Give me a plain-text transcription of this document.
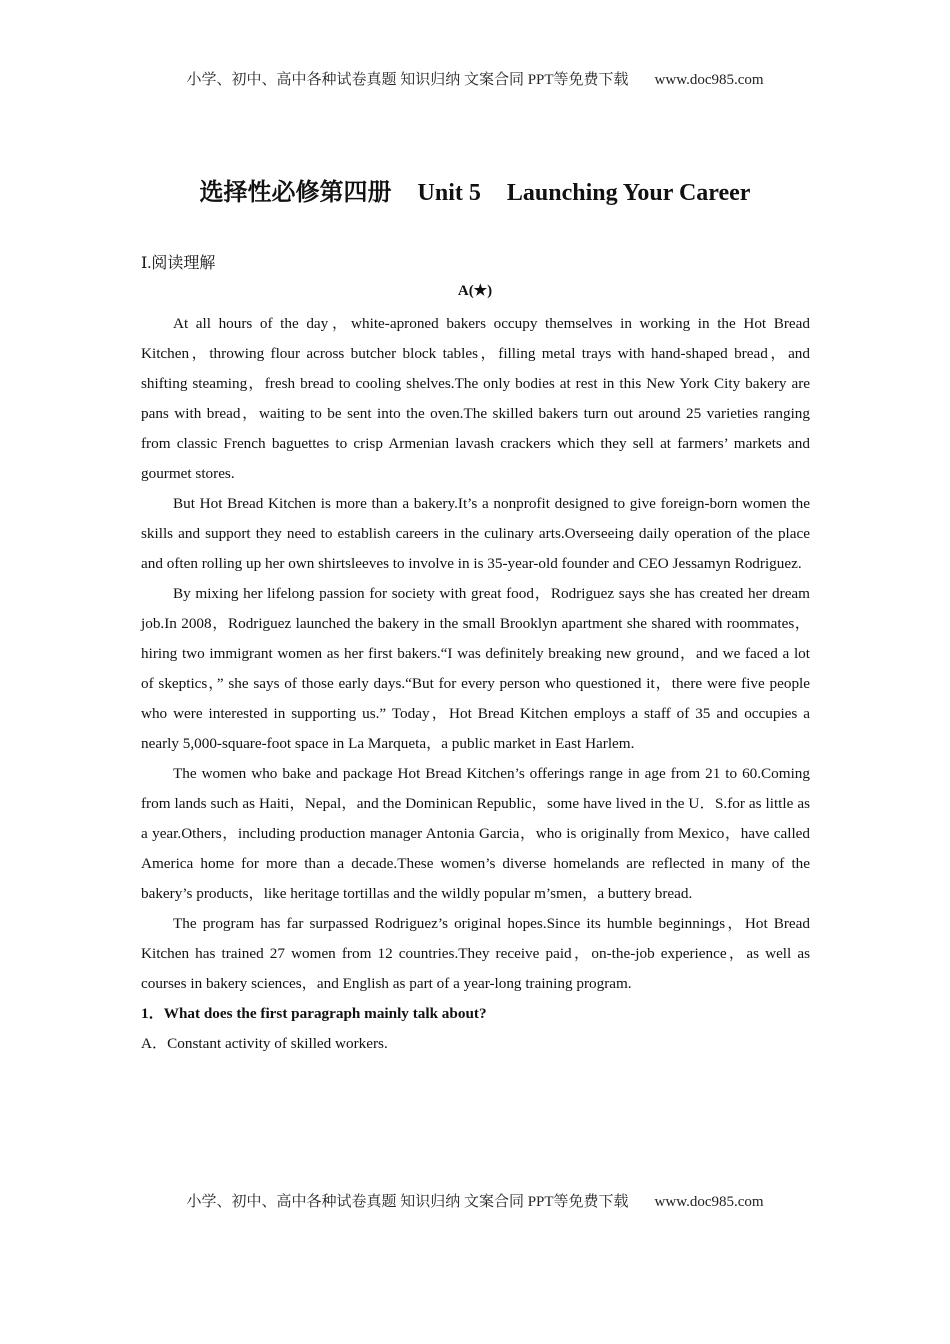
小学、初中、高中各种试卷真题 知识归纳 文案合同 PPT等免费下载 www.doc985.com
选择性必修第四册 Unit 5 Launching Your Career
Ⅰ.阅读理解
A(★)

At all hours of the day，white-aproned bakers occupy themselves in working in the Hot Bread Kitchen，throwing flour across butcher block tables，filling metal trays with hand-shaped bread，and shifting steaming，fresh bread to cooling shelves.The only bodies at rest in this New York City bakery are pans with bread，waiting to be sent into the oven.The skilled bakers turn out around 25 varieties ranging from classic French baguettes to crisp Armenian lavash crackers which they sell at farmers’ markets and gourmet stores.

But Hot Bread Kitchen is more than a bakery.It’s a nonprofit designed to give foreign-born women the skills and support they need to establish careers in the culinary arts.Overseeing daily operation of the place and often rolling up her own shirtsleeves to involve in is 35-year-old founder and CEO Jessamyn Rodriguez.

By mixing her lifelong passion for society with great food，Rodriguez says she has created her dream job.In 2008，Rodriguez launched the bakery in the small Brooklyn apartment she shared with roommates，hiring two immigrant women as her first bakers.“I was definitely breaking new ground，and we faced a lot of skeptics，” she says of those early days.“But for every person who questioned it，there were five people who were interested in supporting us.” Today，Hot Bread Kitchen employs a staff of 35 and occupies a nearly 5,000-square-foot space in La Marqueta，a public market in East Harlem.

The women who bake and package Hot Bread Kitchen’s offerings range in age from 21 to 60.Coming from lands such as Haiti，Nepal，and the Dominican Republic，some have lived in the U．S.for as little as a year.Others，including production manager Antonia Garcia，who is originally from Mexico，have called America home for more than a decade.These women’s diverse homelands are reflected in many of the bakery’s products，like heritage tortillas and the wildly popular m’smen，a buttery bread.

The program has far surpassed Rodriguez’s original hopes.Since its humble beginnings，Hot Bread Kitchen has trained 27 women from 12 countries.They receive paid，on-the-job experience，as well as courses in bakery sciences，and English as part of a year-long training program.

1．What does the first paragraph mainly talk about?
A．Constant activity of skilled workers.
小学、初中、高中各种试卷真题 知识归纳 文案合同 PPT等免费下载 www.doc985.com
